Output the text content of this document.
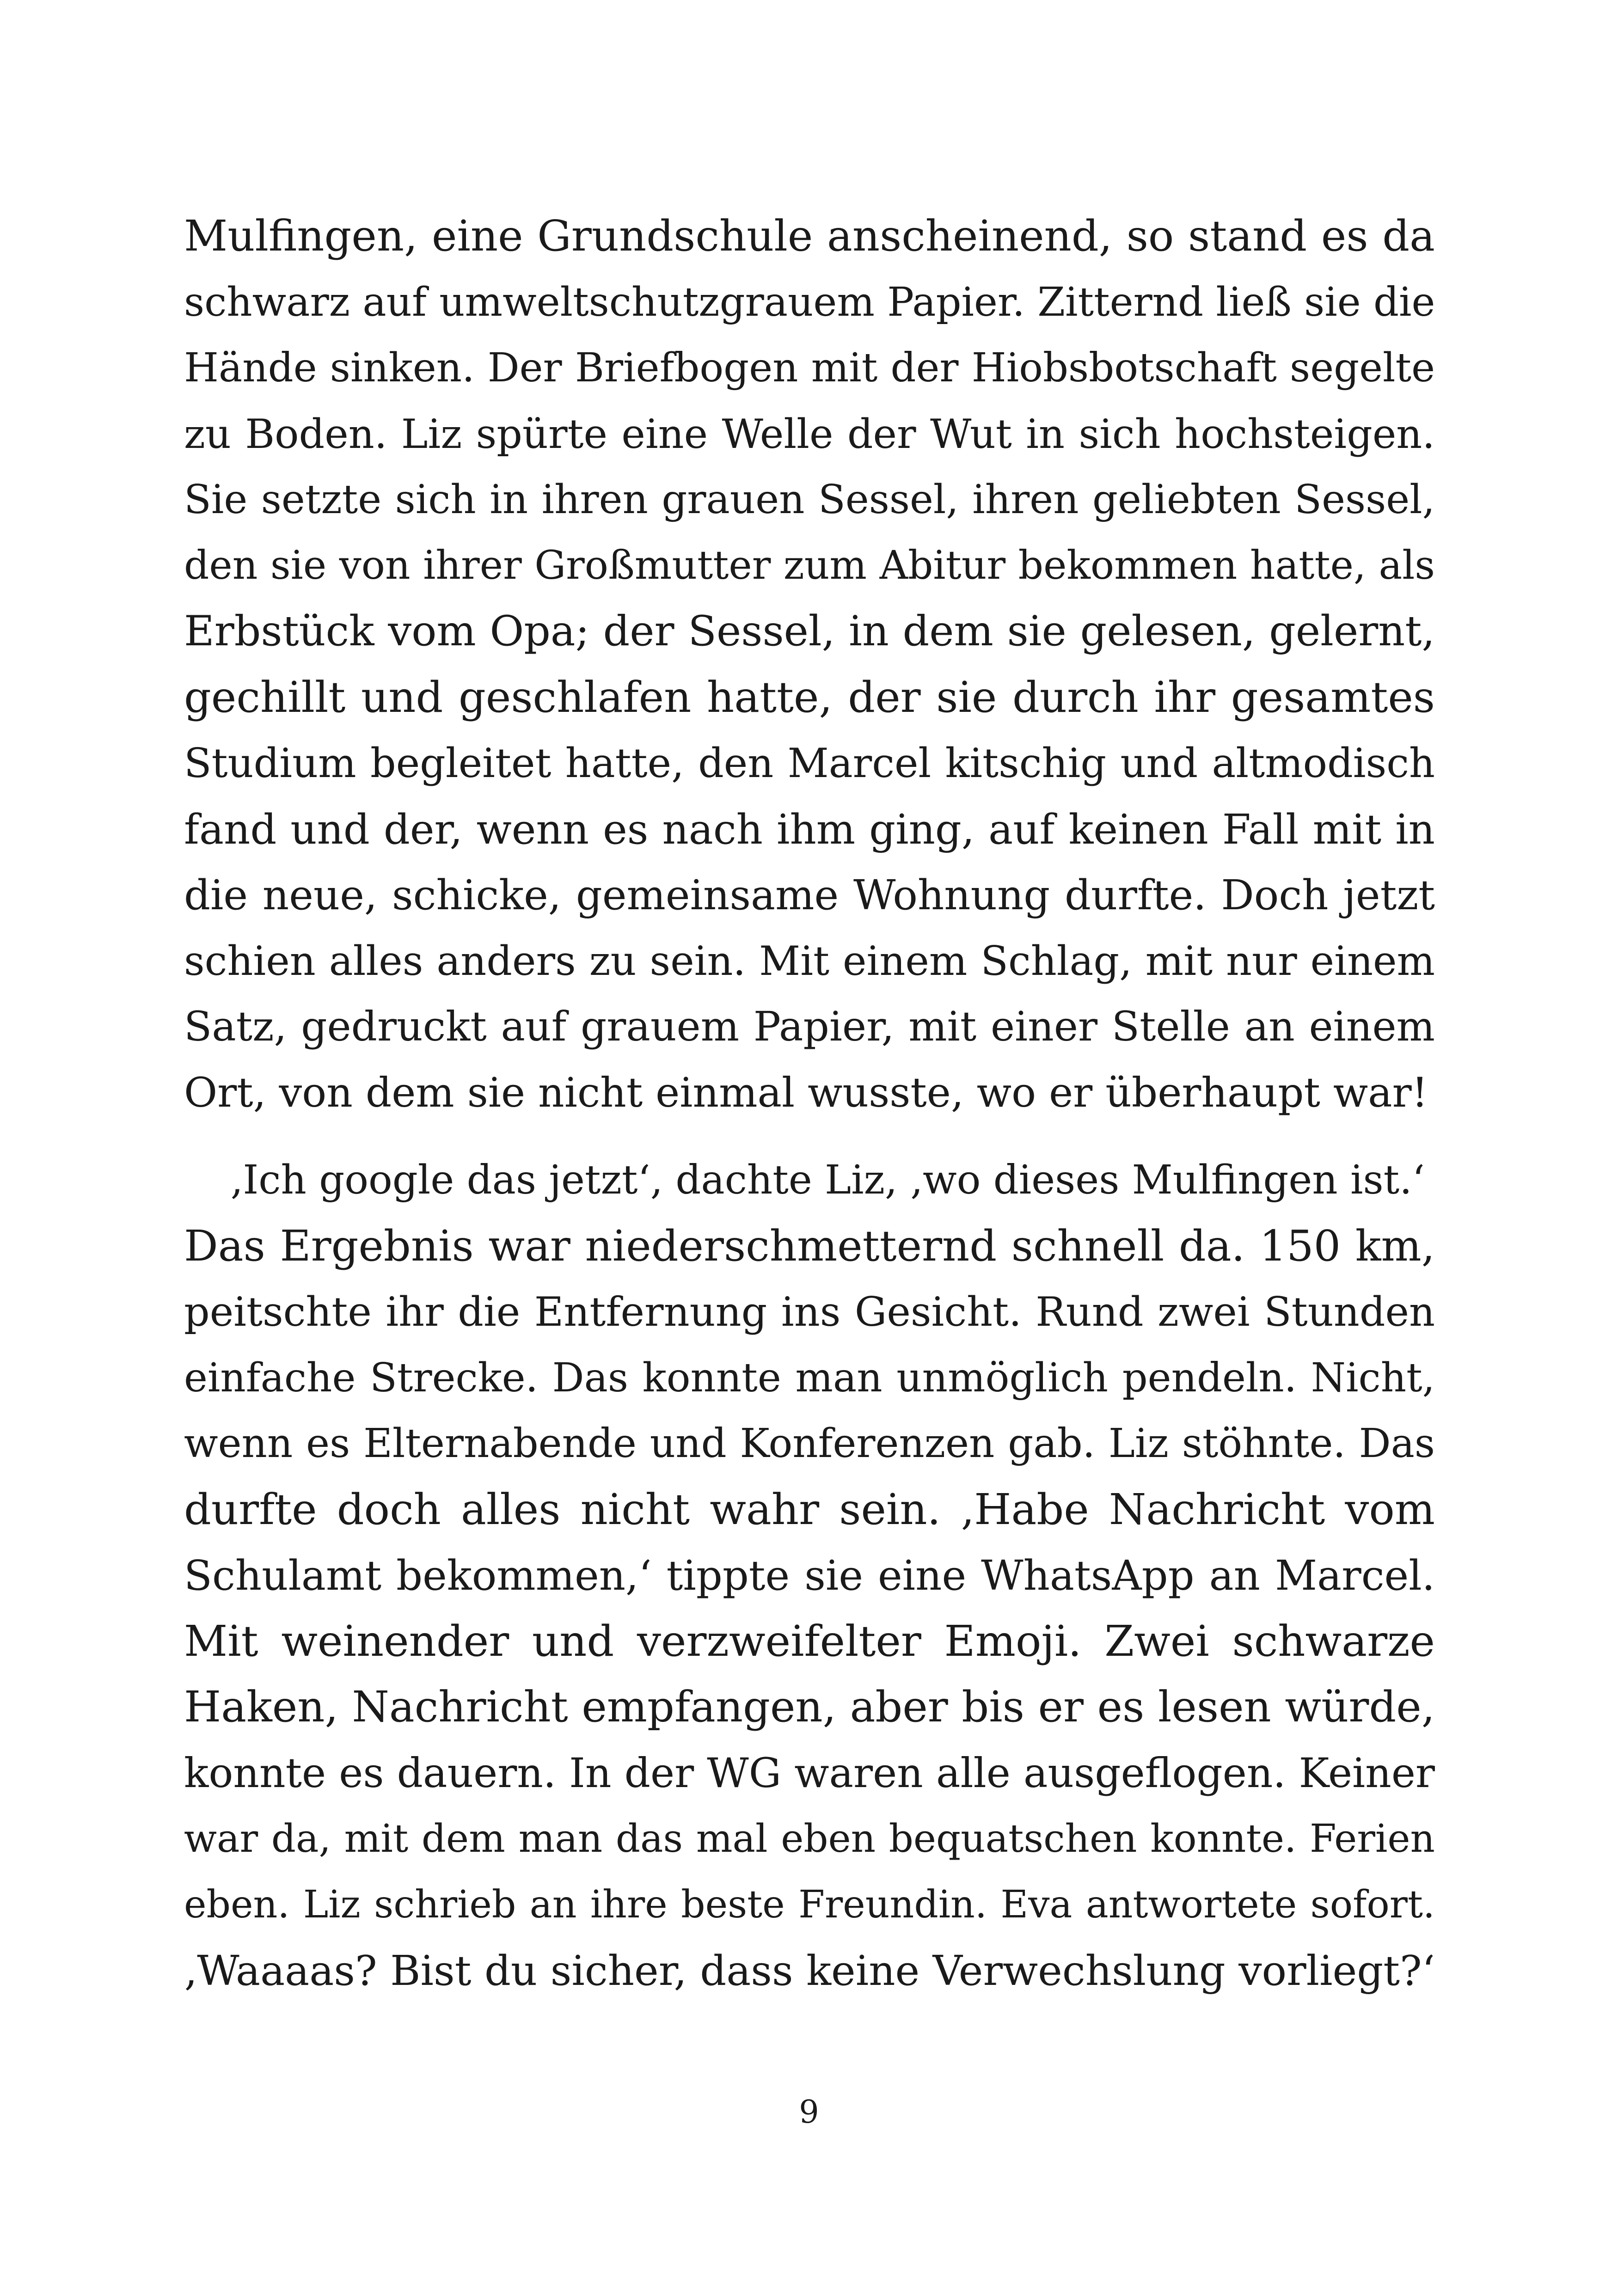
Mulfingen, eine Grundschule anscheinend, so stand es da
schwarz auf umweltschutzgrauem Papier. Zitternd ließ sie die
Hände sinken. Der Briefbogen mit der Hiobsbotschaft segelte
zu Boden. Liz spürte eine Welle der Wut in sich hochsteigen.
Sie setzte sich in ihren grauen Sessel, ihren geliebten Sessel,
den sie von ihrer Großmutter zum Abitur bekommen hatte, als
Erbstück vom Opa; der Sessel, in dem sie gelesen, gelernt,
gechillt und geschlafen hatte, der sie durch ihr gesamtes
Studium begleitet hatte, den Marcel kitschig und altmodisch
fand und der, wenn es nach ihm ging, auf keinen Fall mit in
die neue, schicke, gemeinsame Wohnung durfte. Doch jetzt
schien alles anders zu sein. Mit einem Schlag, mit nur einem
Satz, gedruckt auf grauem Papier, mit einer Stelle an einem
Ort, von dem sie nicht einmal wusste, wo er überhaupt war!
‚Ich google das jetzt‘, dachte Liz, ‚wo dieses Mulfingen ist.‘
Das Ergebnis war niederschmetternd schnell da. 150 km,
peitschte ihr die Entfernung ins Gesicht. Rund zwei Stunden
einfache Strecke. Das konnte man unmöglich pendeln. Nicht,
wenn es Elternabende und Konferenzen gab. Liz stöhnte. Das
durfte doch alles nicht wahr sein. ‚Habe Nachricht vom
Schulamt bekommen,‘ tippte sie eine WhatsApp an Marcel.
Mit weinender und verzweifelter Emoji. Zwei schwarze
Haken, Nachricht empfangen, aber bis er es lesen würde,
konnte es dauern. In der WG waren alle ausgeflogen. Keiner
war da, mit dem man das mal eben bequatschen konnte. Ferien
eben. Liz schrieb an ihre beste Freundin. Eva antwortete sofort.
‚Waaaas? Bist du sicher, dass keine Verwechslung vorliegt?‘
9
